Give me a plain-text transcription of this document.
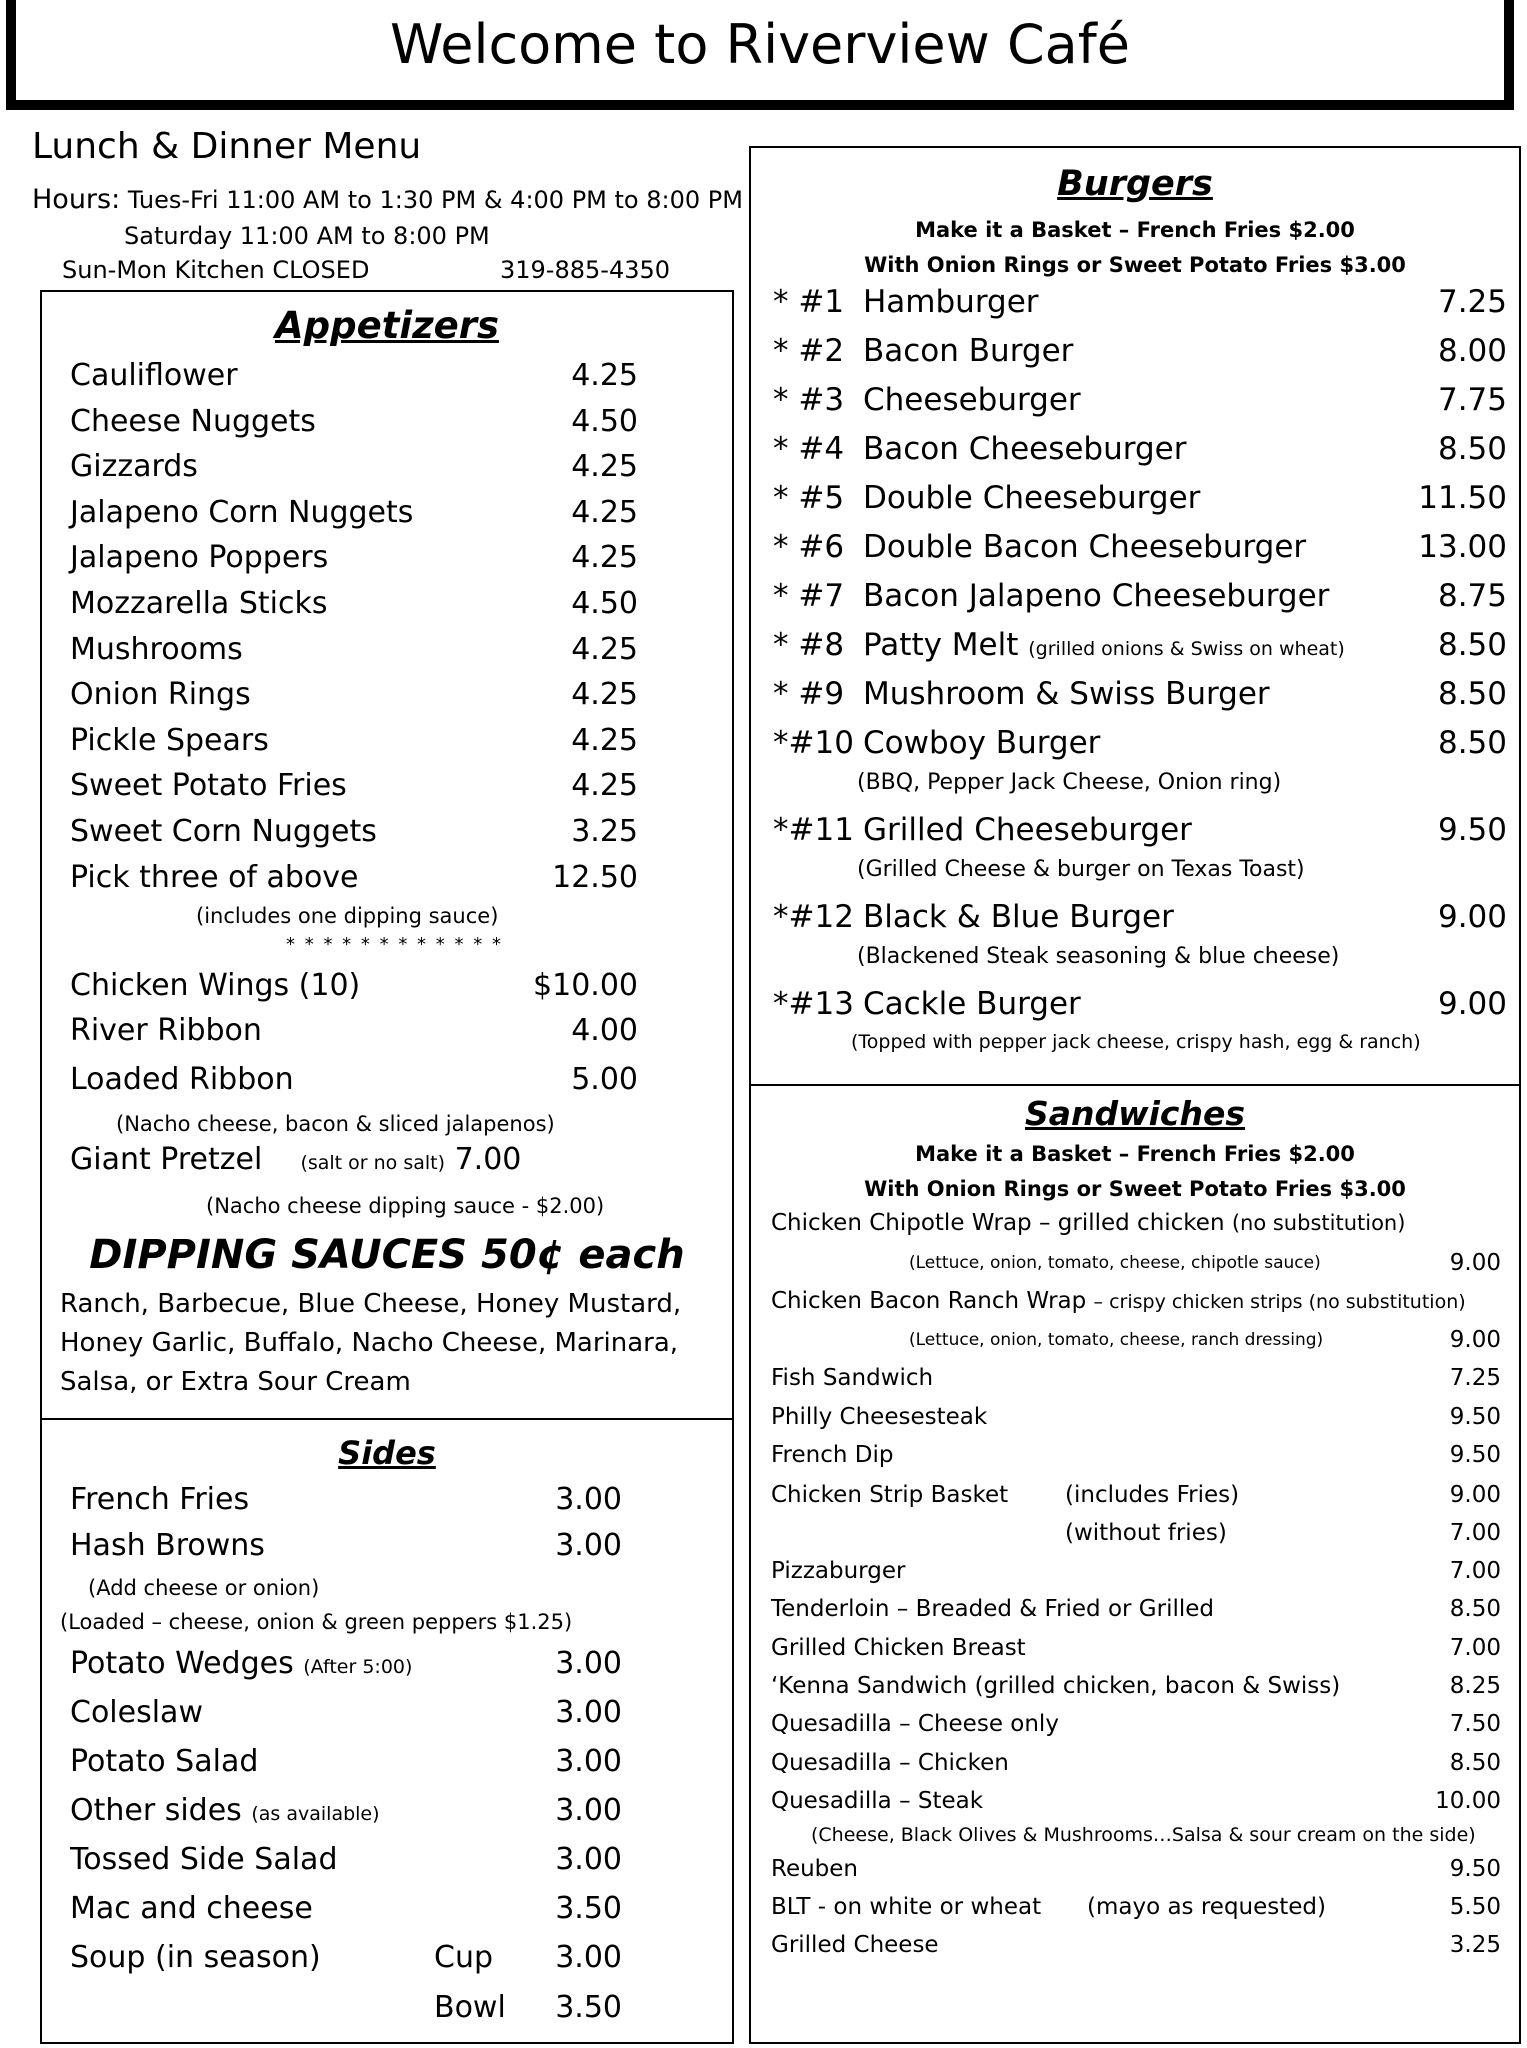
Welcome to Riverview Café
Lunch & Dinner Menu
Hours: Tues-Fri 11:00 AM to 1:30 PM & 4:00 PM to 8:00 PM
Saturday 11:00 AM to 8:00 PM
Sun-Mon Kitchen CLOSED	319-885-4350
Appetizers
Cauliflower	4.25
Cheese Nuggets	4.50
Gizzards	4.25
Jalapeno Corn Nuggets	4.25
Jalapeno Poppers	4.25
Mozzarella Sticks	4.50
Mushrooms	4.25
Onion Rings	4.25
Pickle Spears	4.25
Sweet Potato Fries	4.25
Sweet Corn Nuggets	3.25
Pick three of above	12.50
(includes one dipping sauce)
* * * * * * * * * * * *
Chicken Wings (10)	$10.00
River Ribbon	4.00
Loaded Ribbon	5.00
(Nacho cheese, bacon & sliced jalapenos)
Giant Pretzel (salt or no salt) 7.00
(Nacho cheese dipping sauce - $2.00)
DIPPING SAUCES 50¢ each
Ranch, Barbecue, Blue Cheese, Honey Mustard, Honey Garlic, Buffalo, Nacho Cheese, Marinara, Salsa, or Extra Sour Cream
Sides
French Fries	3.00
Hash Browns	3.00
(Add cheese or onion)
(Loaded – cheese, onion & green peppers $1.25)
Potato Wedges (After 5:00)	3.00
Coleslaw	3.00
Potato Salad	3.00
Other sides (as available)	3.00
Tossed Side Salad	3.00
Mac and cheese	3.50
Soup (in season)	Cup 3.00
Bowl 3.50
Burgers
Make it a Basket – French Fries $2.00
With Onion Rings or Sweet Potato Fries $3.00
* #1 Hamburger	7.25
* #2 Bacon Burger	8.00
* #3 Cheeseburger	7.75
* #4 Bacon Cheeseburger	8.50
* #5 Double Cheeseburger	11.50
* #6 Double Bacon Cheeseburger	13.00
* #7 Bacon Jalapeno Cheeseburger	8.75
* #8 Patty Melt (grilled onions & Swiss on wheat)	8.50
* #9 Mushroom & Swiss Burger	8.50
*#10 Cowboy Burger	8.50
(BBQ, Pepper Jack Cheese, Onion ring)
*#11 Grilled Cheeseburger	9.50
(Grilled Cheese & burger on Texas Toast)
*#12 Black & Blue Burger	9.00
(Blackened Steak seasoning & blue cheese)
*#13 Cackle Burger	9.00
(Topped with pepper jack cheese, crispy hash, egg & ranch)
Sandwiches
Make it a Basket – French Fries $2.00
With Onion Rings or Sweet Potato Fries $3.00
Chicken Chipotle Wrap – grilled chicken (no substitution)
(Lettuce, onion, tomato, cheese, chipotle sauce)	9.00
Chicken Bacon Ranch Wrap – crispy chicken strips (no substitution)
(Lettuce, onion, tomato, cheese, ranch dressing)	9.00
Fish Sandwich	7.25
Philly Cheesesteak	9.50
French Dip	9.50
Chicken Strip Basket (includes Fries)	9.00
(without fries)	7.00
Pizzaburger	7.00
Tenderloin – Breaded & Fried or Grilled	8.50
Grilled Chicken Breast	7.00
‘Kenna Sandwich (grilled chicken, bacon & Swiss)	8.25
Quesadilla – Cheese only	7.50
Quesadilla – Chicken	8.50
Quesadilla – Steak	10.00
(Cheese, Black Olives & Mushrooms…Salsa & sour cream on the side)
Reuben	9.50
BLT - on white or wheat (mayo as requested)	5.50
Grilled Cheese	3.25
